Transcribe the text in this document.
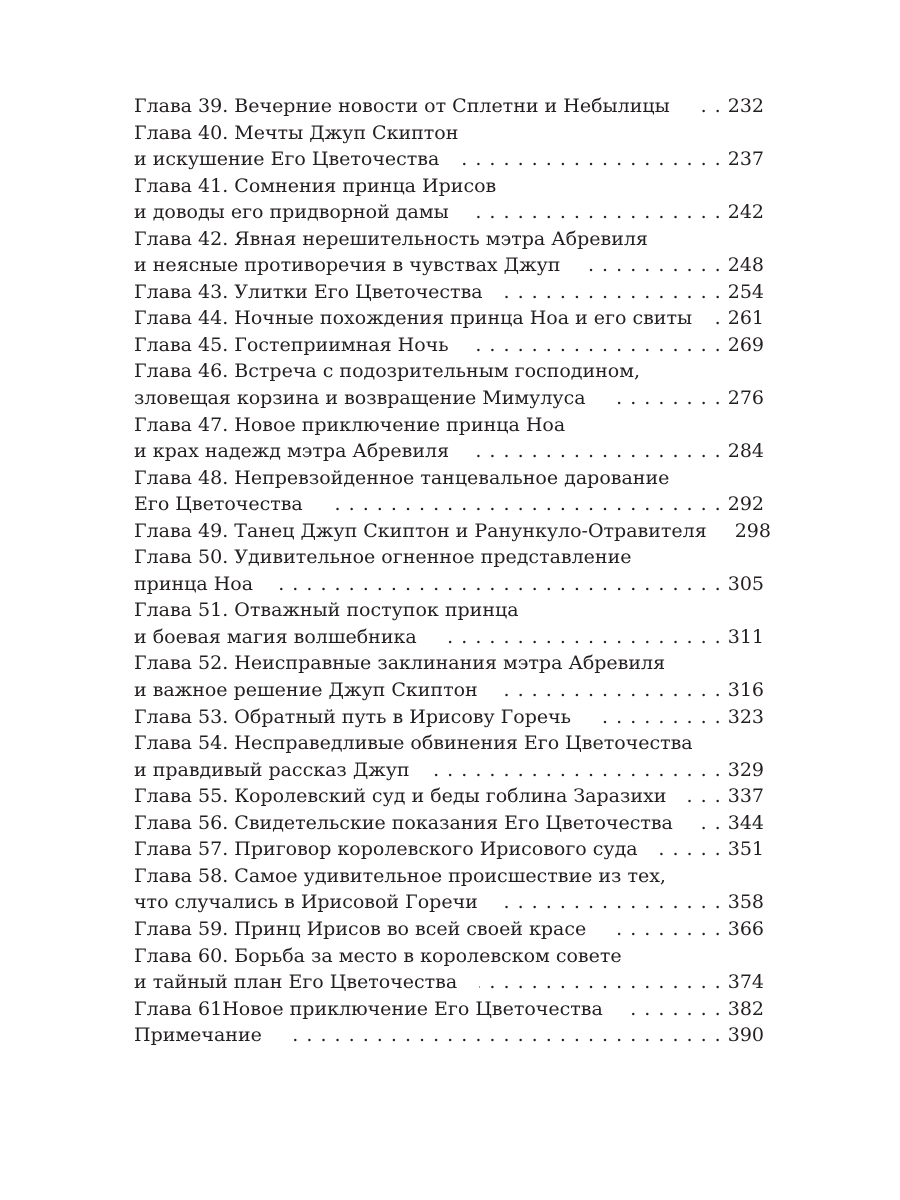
Глава 39. Вечерние новости от Сплетни и Небылицы . . .	232
Глава 40. Мечты Джуп Скиптон
и искушение Его Цветочества . . .	237
Глава 41. Сомнения принца Ирисов
и доводы его придворной дамы . . .	242
Глава 42. Явная нерешительность мэтра Абревиля
и неясные противоречия в чувствах Джуп . . .	248
Глава 43. Улитки Его Цветочества . . .	254
Глава 44. Ночные похождения принца Ноа и его свиты . . . 261
Глава 45. Гостеприимная Ночь . . .	269
Глава 46. Встреча с подозрительным господином,
зловещая корзина и возвращение Мимулуса . . .	276
Глава 47. Новое приключение принца Ноа
и крах надежд мэтра Абревиля . . .	284
Глава 48. Непревзойденное танцевальное дарование
Его Цветочества . . .	292
Глава 49. Танец Джуп Скиптон и Ранункуло-Отравителя 298
Глава 50. Удивительное огненное представление
принца Ноа . . .	305
Глава 51. Отважный поступок принца
и боевая магия волшебника . . .	311
Глава 52. Неисправные заклинания мэтра Абревиля
и важное решение Джуп Скиптон . . .	316
Глава 53. Обратный путь в Ирисову Горечь . . .	323
Глава 54. Несправедливые обвинения Его Цветочества
и правдивый рассказ Джуп . . .	329
Глава 55. Королевский суд и беды гоблина Заразихи . . .	337
Глава 56. Свидетельские показания Его Цветочества . . .	344
Глава 57. Приговор королевского Ирисового суда . . .	351
Глава 58. Самое удивительное происшествие из тех,
что случались в Ирисовой Горечи . . .	358
Глава 59. Принц Ирисов во всей своей красе . . .	366
Глава 60. Борьба за место в королевском совете
и тайный план Его Цветочества . . .	374
Глава 61Новое приключение Его Цветочества . . .	382
Примечание . . .	390
